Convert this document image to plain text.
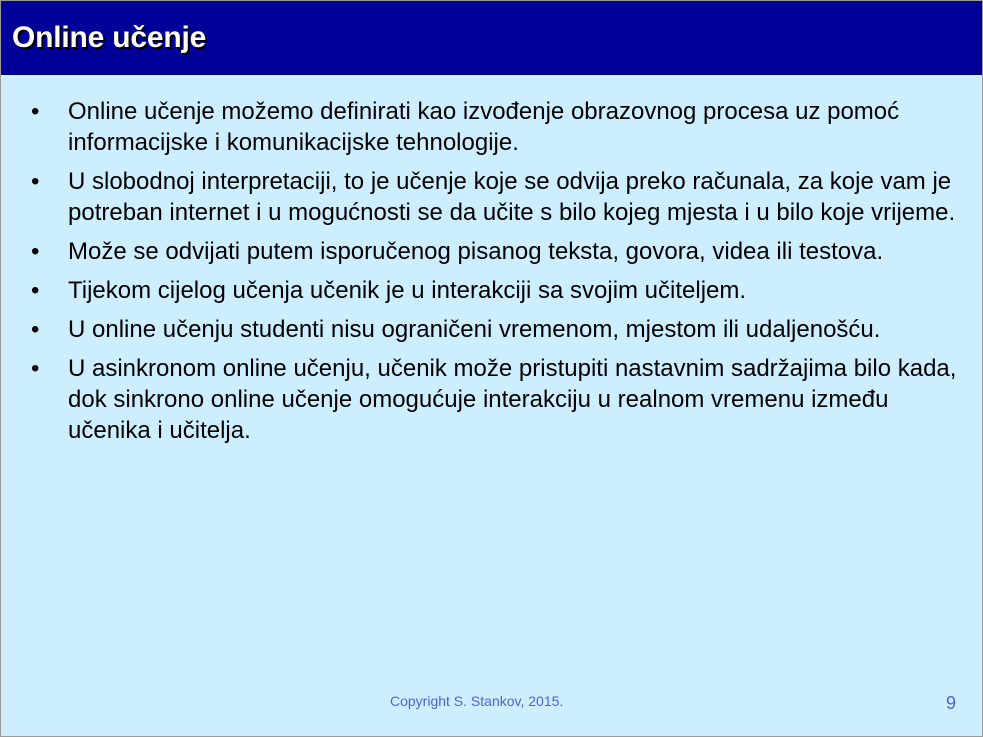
Online učenje
• Online učenje možemo definirati kao izvođenje obrazovnog procesa uz pomoć informacijske i komunikacijske tehnologije.
• U slobodnoj interpretaciji, to je učenje koje se odvija preko računala, za koje vam je potreban internet i u mogućnosti se da učite s bilo kojeg mjesta i u bilo koje vrijeme.
• Može se odvijati putem isporučenog pisanog teksta, govora, videa ili testova.
• Tijekom cijelog učenja učenik je u interakciji sa svojim učiteljem.
• U online učenju studenti nisu ograničeni vremenom, mjestom ili udaljenošću.
• U asinkronom online učenju, učenik može pristupiti nastavnim sadržajima bilo kada, dok sinkrono online učenje omogućuje interakciju u realnom vremenu između učenika i učitelja.
Copyright S. Stankov, 2015.	9
